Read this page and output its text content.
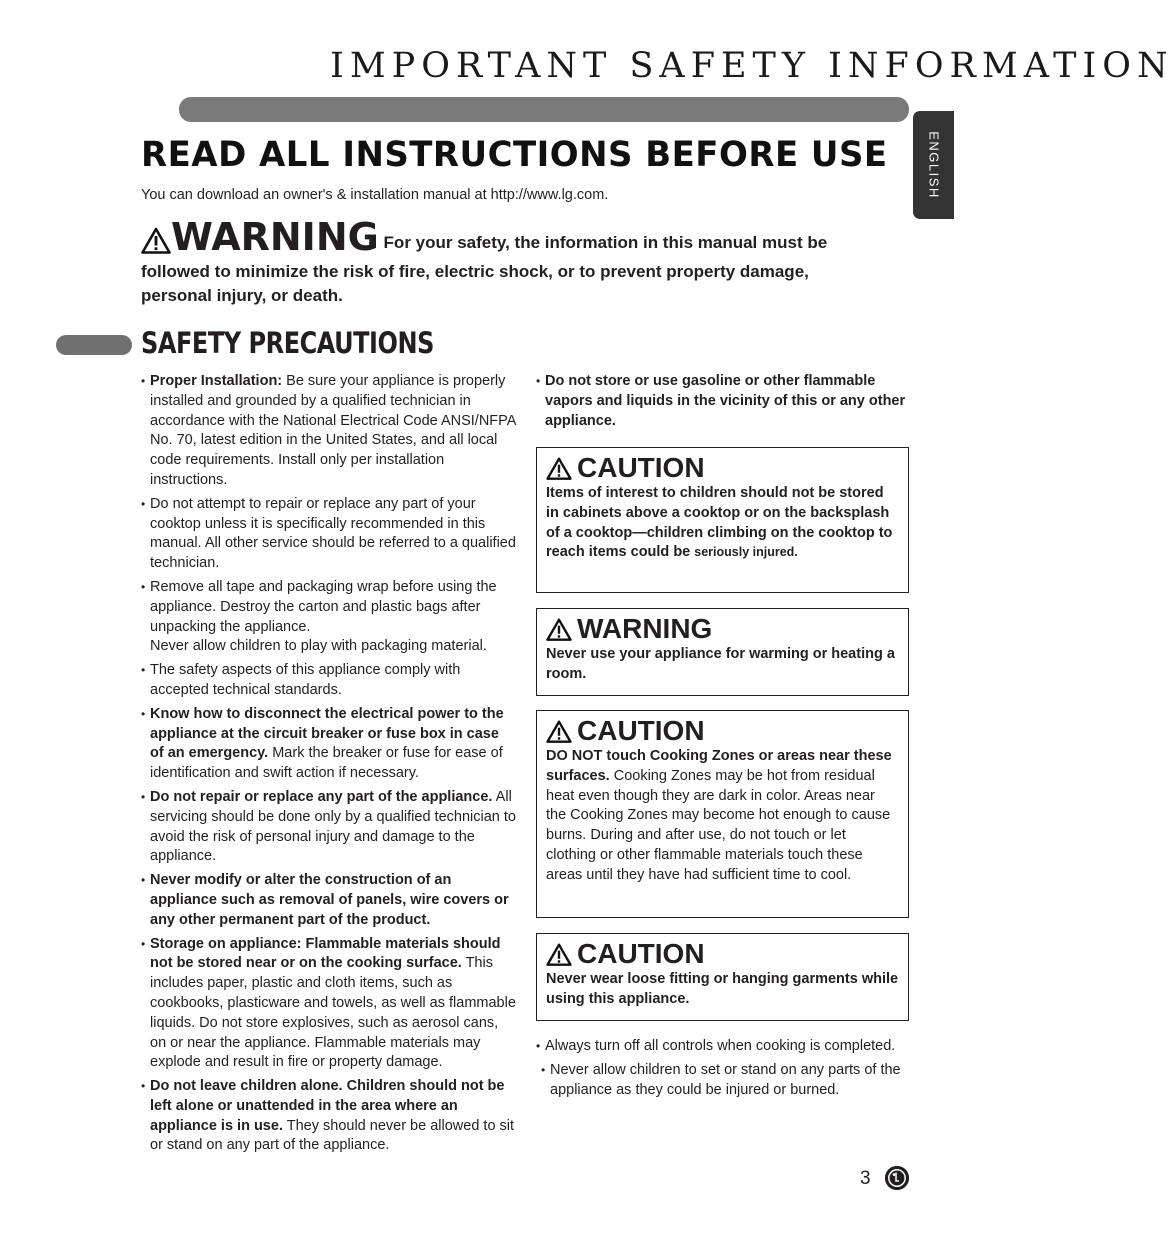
IMPORTANT SAFETY INFORMATION
ENGLISH
READ ALL INSTRUCTIONS BEFORE USE
You can download an owner's & installation manual at http://www.lg.com.
WARNING For your safety, the information in this manual must be followed to minimize the risk of fire, electric shock, or to prevent property damage, personal injury, or death.
SAFETY PRECAUTIONS
• Proper Installation: Be sure your appliance is properly installed and grounded by a qualified technician in accordance with the National Electrical Code ANSI/NFPA No. 70, latest edition in the United States, and all local code requirements. Install only per installation instructions.
• Do not attempt to repair or replace any part of your cooktop unless it is specifically recommended in this manual. All other service should be referred to a qualified technician.
• Remove all tape and packaging wrap before using the appliance. Destroy the carton and plastic bags after unpacking the appliance.
Never allow children to play with packaging material.
• The safety aspects of this appliance comply with accepted technical standards.
• Know how to disconnect the electrical power to the appliance at the circuit breaker or fuse box in case of an emergency. Mark the breaker or fuse for ease of identification and swift action if necessary.
• Do not repair or replace any part of the appliance. All servicing should be done only by a qualified technician to avoid the risk of personal injury and damage to the appliance.
• Never modify or alter the construction of an appliance such as removal of panels, wire covers or any other permanent part of the product.
• Storage on appliance: Flammable materials should not be stored near or on the cooking surface. This includes paper, plastic and cloth items, such as cookbooks, plasticware and towels, as well as flammable liquids. Do not store explosives, such as aerosol cans, on or near the appliance. Flammable materials may explode and result in fire or property damage.
• Do not leave children alone. Children should not be left alone or unattended in the area where an appliance is in use. They should never be allowed to sit or stand on any part of the appliance.
• Do not store or use gasoline or other flammable vapors and liquids in the vicinity of this or any other appliance.
CAUTION
Items of interest to children should not be stored in cabinets above a cooktop or on the backsplash of a cooktop—children climbing on the cooktop to reach items could be seriously injured.
WARNING
Never use your appliance for warming or heating a room.
CAUTION
DO NOT touch Cooking Zones or areas near these surfaces. Cooking Zones may be hot from residual heat even though they are dark in color. Areas near the Cooking Zones may become hot enough to cause burns. During and after use, do not touch or let clothing or other flammable materials touch these areas until they have had sufficient time to cool.
CAUTION
Never wear loose fitting or hanging garments while using this appliance.
• Always turn off all controls when cooking is completed.
• Never allow children to set or stand on any parts of the appliance as they could be injured or burned.
3	LG
